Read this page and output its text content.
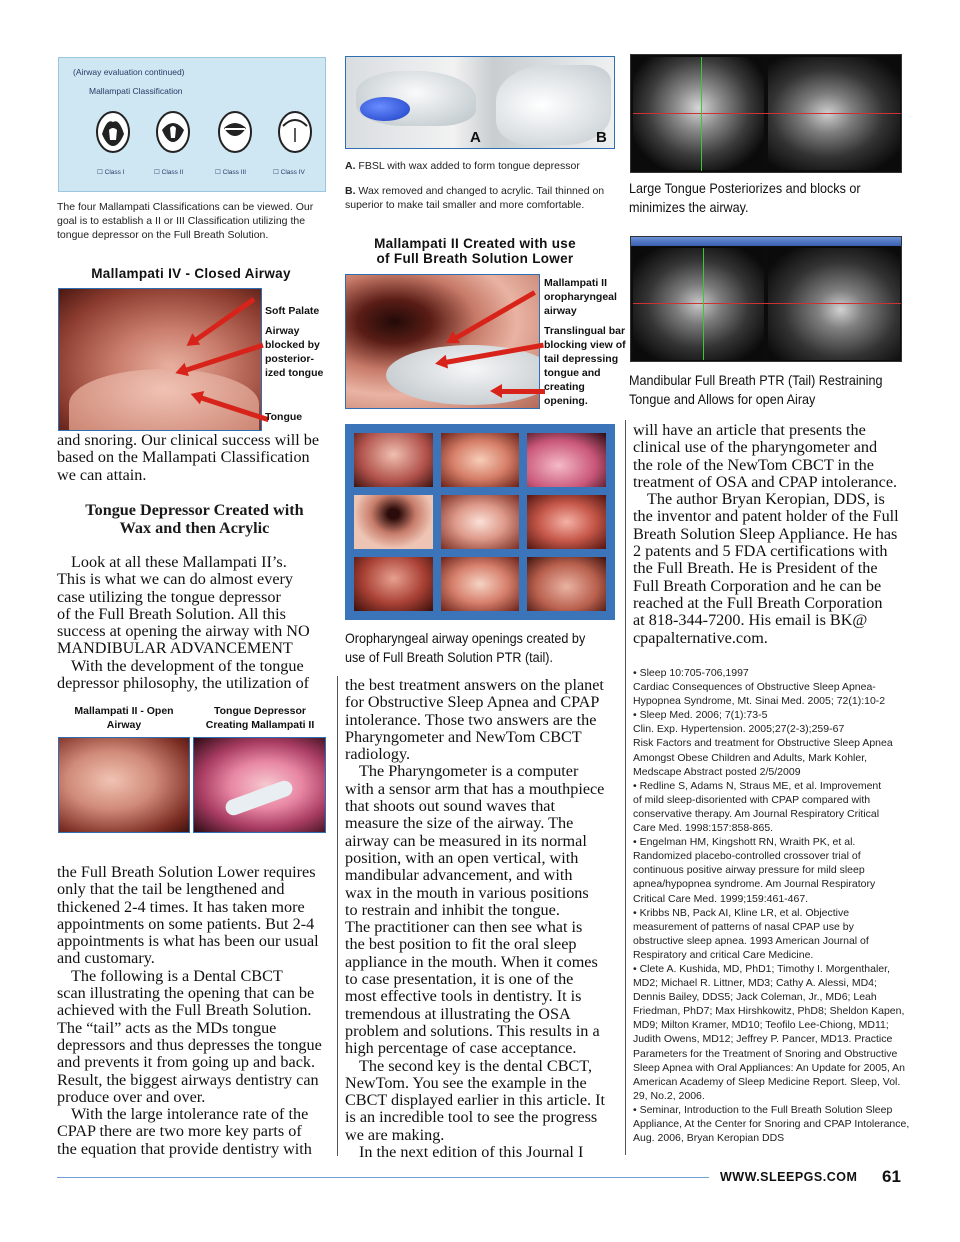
(Airway evaluation continued)
Mallampati Classification
☐ Class I	☐ Class II	☐ Class III	☐ Class IV
The four Mallampati Classifications can be viewed. Our
goal is to establish a II or III Classification utilizing the
tongue depressor on the Full Breath Solution.
Mallampati IV - Closed Airway
Soft Palate
Airway
blocked by
posterior-
ized tongue
Tongue

and snoring. Our clinical success will be

based on the Mallampati Classification

we can attain.

Tongue Depressor Created with
Wax and then Acrylic

Look at all these Mallampati II’s.

This is what we can do almost every

case utilizing the tongue depressor

of the Full Breath Solution. All this

success at opening the airway with NO

MANDIBULAR ADVANCEMENT

With the development of the tongue

depressor philosophy, the utilization of

Mallampati II - Open
Airway
Tongue Depressor
Creating Mallampati II

the Full Breath Solution Lower requires

only that the tail be lengthened and

thickened 2-4 times. It has taken more

appointments on some patients. But 2-4

appointments is what has been our usual

and customary.

The following is a Dental CBCT

scan illustrating the opening that can be

achieved with the Full Breath Solution.

The “tail” acts as the MDs tongue

depressors and thus depresses the tongue

and prevents it from going up and back.

Result, the biggest airways dentistry can

produce over and over.

With the large intolerance rate of the

CPAP there are two more key parts of

the equation that provide dentistry with

A	B
A. FBSL with wax added to form tongue depressor
B. Wax removed and changed to acrylic. Tail thinned on
superior to make tail smaller and more comfortable.
Mallampati II Created with use
of Full Breath Solution Lower
Mallampati II
oropharyngeal
airway
Translingual bar
blocking view of
tail depressing
tongue and
creating
opening.
Oropharyngeal airway openings created by
use of Full Breath Solution PTR (tail).

the best treatment answers on the planet

for Obstructive Sleep Apnea and CPAP

intolerance. Those two answers are the

Pharyngometer and NewTom CBCT

radiology.

The Pharyngometer is a computer

with a sensor arm that has a mouthpiece

that shoots out sound waves that

measure the size of the airway. The

airway can be measured in its normal

position, with an open vertical, with

mandibular advancement, and with

wax in the mouth in various positions

to restrain and inhibit the tongue.

The practitioner can then see what is

the best position to fit the oral sleep

appliance in the mouth. When it comes

to case presentation, it is one of the

most effective tools in dentistry. It is

tremendous at illustrating the OSA

problem and solutions. This results in a

high percentage of case acceptance.

The second key is the dental CBCT,

NewTom. You see the example in the

CBCT displayed earlier in this article. It

is an incredible tool to see the progress

we are making.

In the next edition of this Journal I

Large Tongue Posteriorizes and blocks or
minimizes the airway.
Mandibular Full Breath PTR (Tail) Restraining
Tongue and Allows for open Airay

will have an article that presents the

clinical use of the pharyngometer and

the role of the NewTom CBCT in the

treatment of OSA and CPAP intolerance.

The author Bryan Keropian, DDS, is

the inventor and patent holder of the Full

Breath Solution Sleep Appliance. He has

2 patents and 5 FDA certifications with

the Full Breath. He is President of the

Full Breath Corporation and he can be

reached at the Full Breath Corporation

at 818-344-7200. His email is BK@

cpapalternative.com.

• Sleep 10:705-706,1997
Cardiac Consequences of Obstructive Sleep Apnea-
Hypopnea Syndrome, Mt. Sinai Med. 2005; 72(1):10-2
• Sleep Med. 2006; 7(1):73-5
Clin. Exp. Hypertension. 2005;27(2-3);259-67
Risk Factors and treatment for Obstructive Sleep Apnea
Amongst Obese Children and Adults, Mark Kohler,
Medscape Abstract posted 2/5/2009
• Redline S, Adams N, Straus ME, et al. Improvement
of mild sleep-disoriented with CPAP compared with
conservative therapy. Am Journal Respiratory Critical
Care Med. 1998:157:858-865.
• Engelman HM, Kingshott RN, Wraith PK, et al.
Randomized placebo-controlled crossover trial of
continuous positive airway pressure for mild sleep
apnea/hypopnea syndrome. Am Journal Respiratory
Critical Care Med. 1999;159:461-467.
• Kribbs NB, Pack AI, Kline LR, et al. Objective
measurement of patterns of nasal CPAP use by
obstructive sleep apnea. 1993 American Journal of
Respiratory and critical Care Medicine.
• Clete A. Kushida, MD, PhD1; Timothy I. Morgenthaler,
MD2; Michael R. Littner, MD3; Cathy A. Alessi, MD4;
Dennis Bailey, DDS5; Jack Coleman, Jr., MD6; Leah
Friedman, PhD7; Max Hirshkowitz, PhD8; Sheldon Kapen,
MD9; Milton Kramer, MD10; Teofilo Lee-Chiong, MD11;
Judith Owens, MD12; Jeffrey P. Pancer, MD13. Practice
Parameters for the Treatment of Snoring and Obstructive
Sleep Apnea with Oral Appliances: An Update for 2005, An
American Academy of Sleep Medicine Report. Sleep, Vol.
29, No.2, 2006.
• Seminar, Introduction to the Full Breath Solution Sleep
Appliance, At the Center for Snoring and CPAP Intolerance,
Aug. 2006, Bryan Keropian DDS
WWW.SLEEPGS.COM 61
